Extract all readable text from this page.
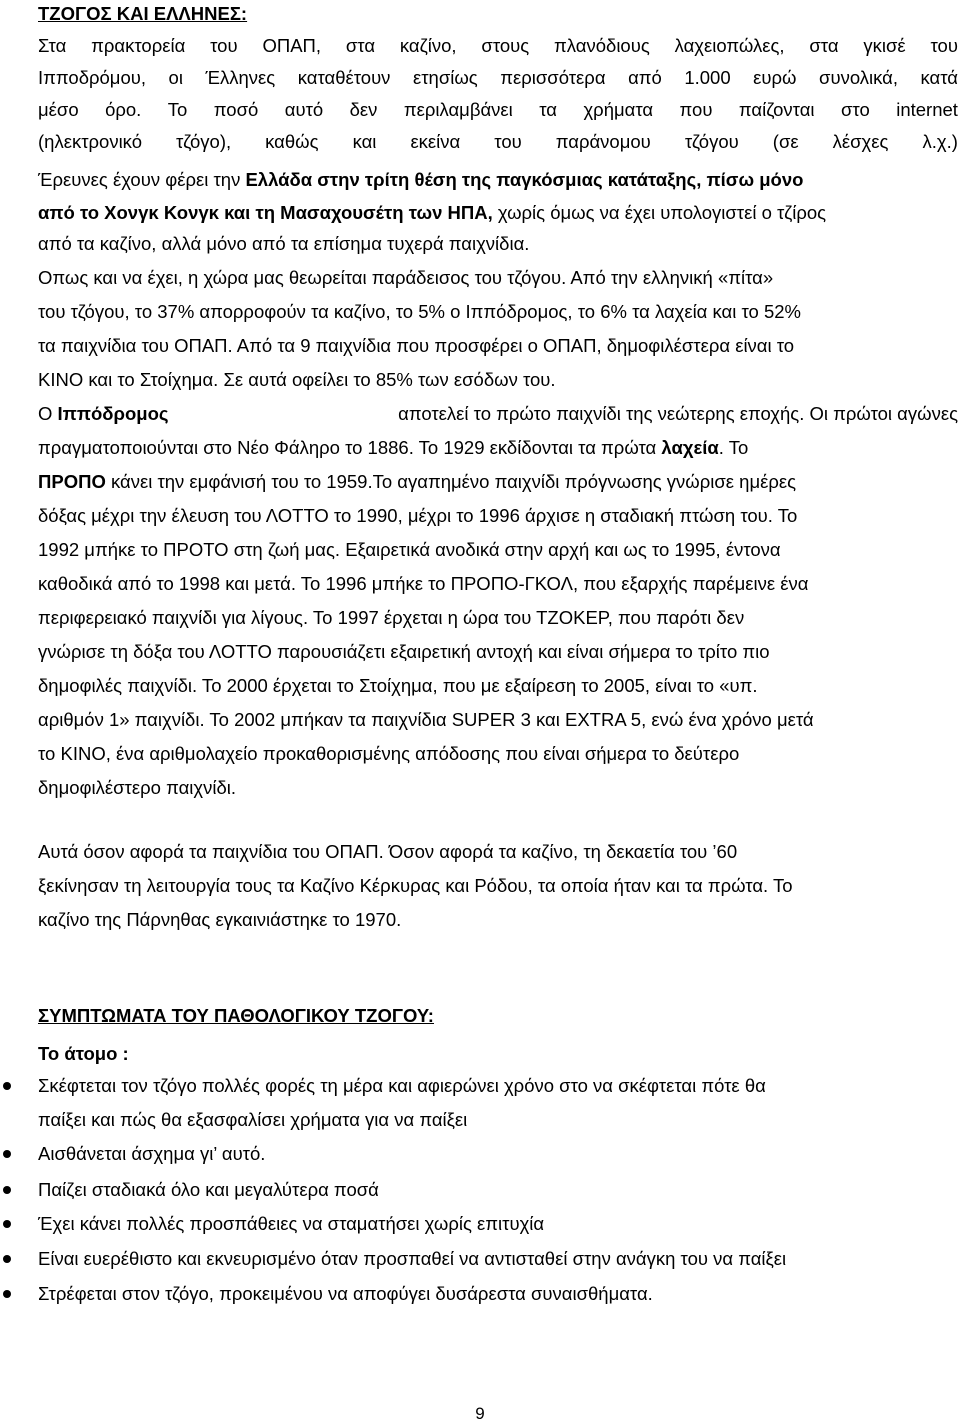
ΤΖΟΓΟΣ ΚΑΙ ΕΛΛΗΝΕΣ:
Στα πρακτορεία του ΟΠΑΠ, στα καζίνο, στους πλανόδιους λαχειοπώλες, στα γκισέ του
Ιπποδρόμου, οι Έλληνες καταθέτουν ετησίως περισσότερα από 1.000 ευρώ συνολικά, κατά
μέσο όρο. Το ποσό αυτό δεν περιλαμβάνει τα χρήματα που παίζονται στο internet
(ηλεκτρονικό τζόγο), καθώς και εκείνα του παράνομου τζόγου (σε λέσχες λ.χ.)
Έρευνες έχουν φέρει την Ελλάδα στην τρίτη θέση της παγκόσμιας κατάταξης, πίσω μόνο
από το Χονγκ Κονγκ και τη Μασαχουσέτη των ΗΠΑ, χωρίς όμως να έχει υπολογιστεί ο τζίρος
από τα καζίνο, αλλά μόνο από τα επίσημα τυχερά παιχνίδια.
Οπως και να έχει, η χώρα μας θεωρείται παράδεισος του τζόγου. Από την ελληνική «πίτα»
του τζόγου, το 37% απορροφούν τα καζίνο, το 5% ο Ιππόδρομος, το 6% τα λαχεία και το 52%
τα παιχνίδια του ΟΠΑΠ. Από τα 9 παιχνίδια που προσφέρει ο ΟΠΑΠ, δημοφιλέστερα είναι το
ΚΙΝΟ και το Στοίχημα. Σε αυτά οφείλει το 85% των εσόδων του.
Ο Ιππόδρομος	αποτελεί το πρώτο παιχνίδι της νεώτερης εποχής. Οι πρώτοι αγώνες
πραγματοποιούνται στο Νέο Φάληρο το 1886. Το 1929 εκδίδονται τα πρώτα λαχεία. Το
ΠΡΟΠΟ κάνει την εμφάνισή του το 1959.Το αγαπημένο παιχνίδι πρόγνωσης γνώρισε ημέρες
δόξας μέχρι την έλευση του ΛΟΤΤΟ το 1990, μέχρι το 1996 άρχισε η σταδιακή πτώση του. Το
1992 μπήκε το ΠΡΟΤΟ στη ζωή μας. Εξαιρετικά ανοδικά στην αρχή και ως το 1995, έντονα
καθοδικά από το 1998 και μετά. Το 1996 μπήκε το ΠΡΟΠΟ-ΓΚΟΛ, που εξαρχής παρέμεινε ένα
περιφερειακό παιχνίδι για λίγους. Το 1997 έρχεται η ώρα του ΤΖΟΚΕΡ, που παρότι δεν
γνώρισε τη δόξα του ΛΟΤΤΟ παρουσιάζετι εξαιρετική αντοχή και είναι σήμερα το τρίτο πιο
δημοφιλές παιχνίδι. Το 2000 έρχεται το Στοίχημα, που με εξαίρεση το 2005, είναι το «υπ.
αριθμόν 1» παιχνίδι. Το 2002 μπήκαν τα παιχνίδια SUPER 3 και EXTRA 5, ενώ ένα χρόνο μετά
το ΚΙΝΟ, ένα αριθμολαχείο προκαθορισμένης απόδοσης που είναι σήμερα το δεύτερο
δημοφιλέστερο παιχνίδι.
Αυτά όσον αφορά τα παιχνίδια του ΟΠΑΠ. Όσον αφορά τα καζίνο, τη δεκαετία του ’60
ξεκίνησαν τη λειτουργία τους τα Καζίνο Κέρκυρας και Ρόδου, τα οποία ήταν και τα πρώτα. Το
καζίνο της Πάρνηθας εγκαινιάστηκε το 1970.
ΣΥΜΠΤΩΜΑΤΑ ΤΟΥ ΠΑΘΟΛΟΓΙΚΟΥ ΤΖΟΓΟΥ:
Το άτομο :
Σκέφτεται τον τζόγο πολλές φορές τη μέρα και αφιερώνει χρόνο στο να σκέφτεται πότε θα
παίξει και πώς θα εξασφαλίσει χρήματα για να παίξει
Αισθάνεται άσχημα γι’ αυτό.
Παίζει σταδιακά όλο και μεγαλύτερα ποσά
Έχει κάνει πολλές προσπάθειες να σταματήσει χωρίς επιτυχία
Είναι ευερέθιστο και εκνευρισμένο όταν προσπαθεί να αντισταθεί στην ανάγκη του να παίξει
Στρέφεται στον τζόγο, προκειμένου να αποφύγει δυσάρεστα συναισθήματα.
9
